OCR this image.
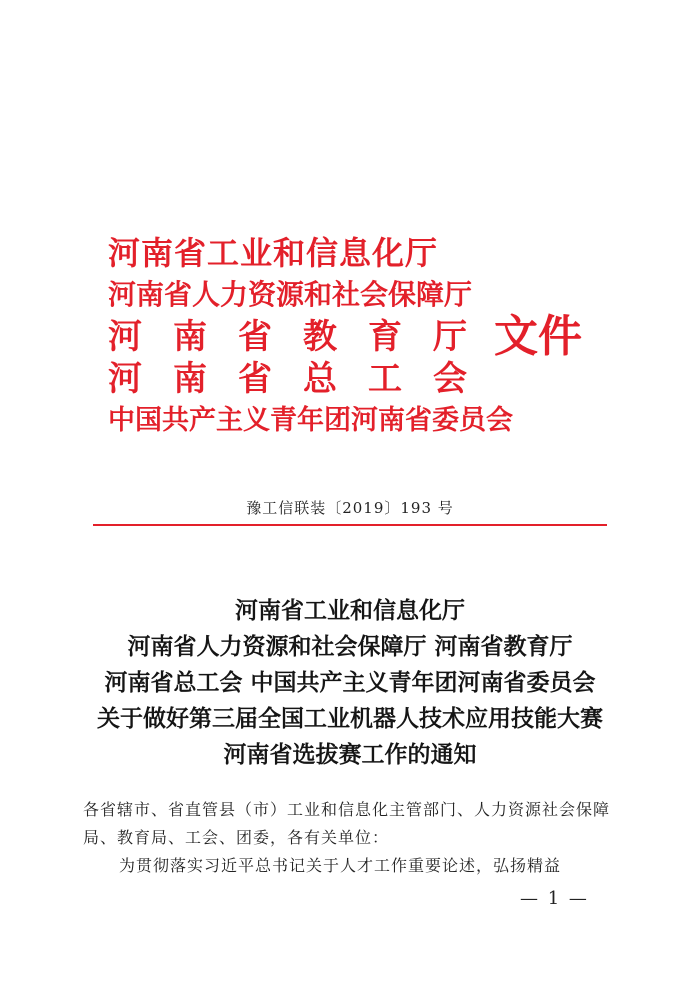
河南省工业和信息化厅
河南省人力资源和社会保障厅
河南省教育厅
河南省总工会
中国共产主义青年团河南省委员会
文件
豫工信联装〔2019〕193 号
河南省工业和信息化厅
河南省人力资源和社会保障厅 河南省教育厅
河南省总工会 中国共产主义青年团河南省委员会
关于做好第三届全国工业机器人技术应用技能大赛
河南省选拔赛工作的通知

各省辖市、省直管县（市）工业和信息化主管部门、人力资源社会保障局、教育局、工会、团委，各有关单位：

为贯彻落实习近平总书记关于人才工作重要论述，弘扬精益

— 1 —
